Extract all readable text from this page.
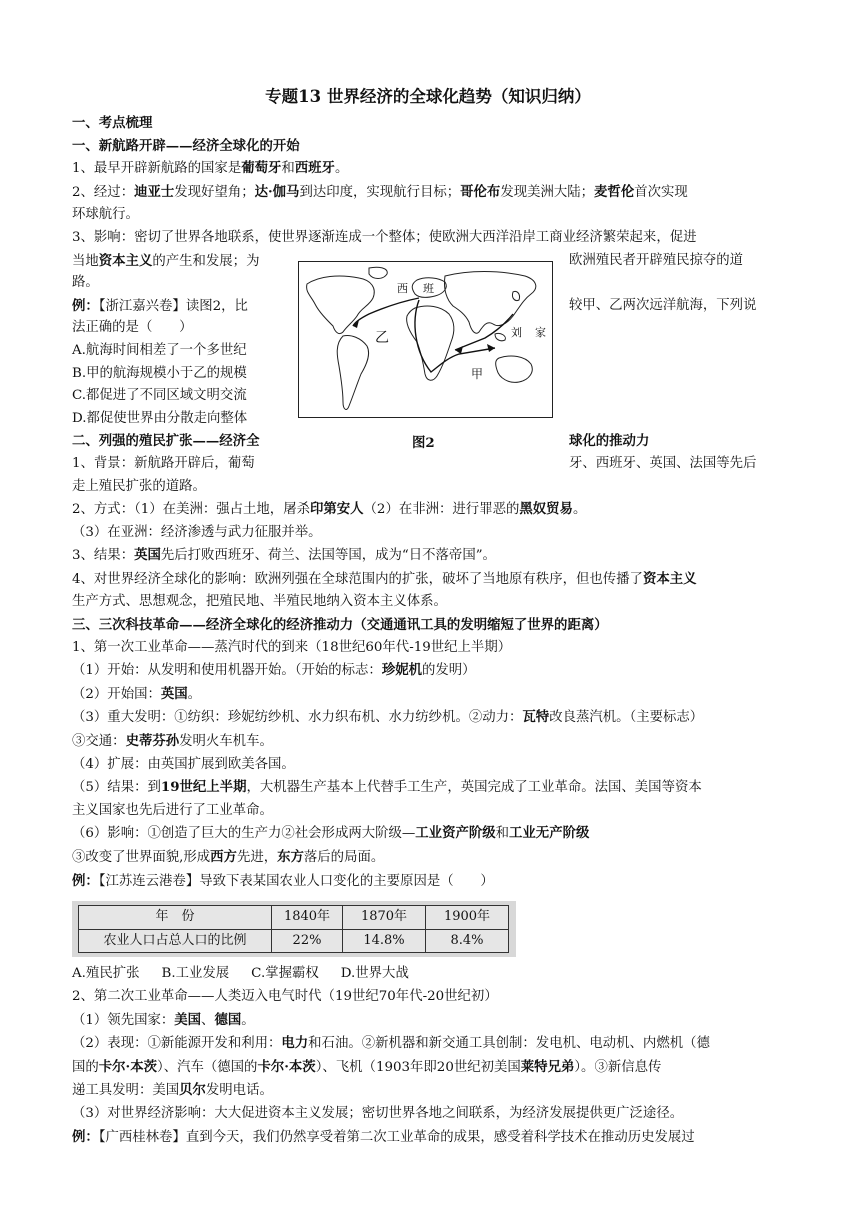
专题13 世界经济的全球化趋势（知识归纳）
一、考点梳理
一、新航路开辟——经济全球化的开始
1、最早开辟新航路的国家是葡萄牙和西班牙。
2、经过：迪亚士发现好望角；达·伽马到达印度，实现航行目标；哥伦布发现美洲大陆；麦哲伦首次实现
环球航行。
3、影响：密切了世界各地联系，使世界逐渐连成一个整体；使欧洲大西洋沿岸工商业经济繁荣起来，促进
当地资本主义的产生和发展；为	欧洲殖民者开辟殖民掠夺的道
路。
例：【浙江嘉兴卷】读图2，比	较甲、乙两次远洋航海，下列说
法正确的是（　　）
A.航海时间相差了一个多世纪
B.甲的航海规模小于乙的规模
C.都促进了不同区域文明交流
D.都促使世界由分散走向整体
二、列强的殖民扩张——经济全	球化的推动力
1、背景：新航路开辟后，葡萄	牙、西班牙、英国、法国等先后
走上殖民扩张的道路。
2、方式：（1）在美洲：强占土地，屠杀印第安人（2）在非洲：进行罪恶的黑奴贸易。
（3）在亚洲：经济渗透与武力征服并举。
3、结果：英国先后打败西班牙、荷兰、法国等国，成为“日不落帝国”。
4、对世界经济全球化的影响：欧洲列强在全球范围内的扩张，破坏了当地原有秩序，但也传播了资本主义
生产方式、思想观念，把殖民地、半殖民地纳入资本主义体系。
三、三次科技革命——经济全球化的经济推动力（交通通讯工具的发明缩短了世界的距离）
1、第一次工业革命——蒸汽时代的到来（18世纪60年代-19世纪上半期）
（1）开始：从发明和使用机器开始。（开始的标志：珍妮机的发明）
（2）开始国：英国。
（3）重大发明：①纺织：珍妮纺纱机、水力织布机、水力纺纱机。②动力：瓦特改良蒸汽机。（主要标志）
③交通：史蒂芬孙发明火车机车。
（4）扩展：由英国扩展到欧美各国。
（5）结果：到19世纪上半期，大机器生产基本上代替手工生产，英国完成了工业革命。法国、美国等资本
主义国家也先后进行了工业革命。
（6）影响：①创造了巨大的生产力②社会形成两大阶级—工业资产阶级和工业无产阶级
③改变了世界面貌,形成西方先进，东方落后的局面。
例：【江苏连云港卷】导致下表某国农业人口变化的主要原因是（　　）
年　份	1840年	1870年	1900年
农业人口占总人口的比例	22%	14.8%	8.4%
A.殖民扩张 B.工业发展 C.掌握霸权 D.世界大战
2、第二次工业革命——人类迈入电气时代（19世纪70年代-20世纪初）
（1）领先国家：美国、德国。
（2）表现：①新能源开发和利用：电力和石油。②新机器和新交通工具创制：发电机、电动机、内燃机（德
国的卡尔·本茨）、汽车（德国的卡尔·本茨）、飞机（1903年即20世纪初美国莱特兄弟）。③新信息传
递工具发明：美国贝尔发明电话。
（3）对世界经济影响：大大促进资本主义发展；密切世界各地之间联系，为经济发展提供更广泛途径。
例：【广西桂林卷】直到今天，我们仍然享受着第二次工业革命的成果，感受着科学技术在推动历史发展过
西 班
乙
甲
刘 家
图2
